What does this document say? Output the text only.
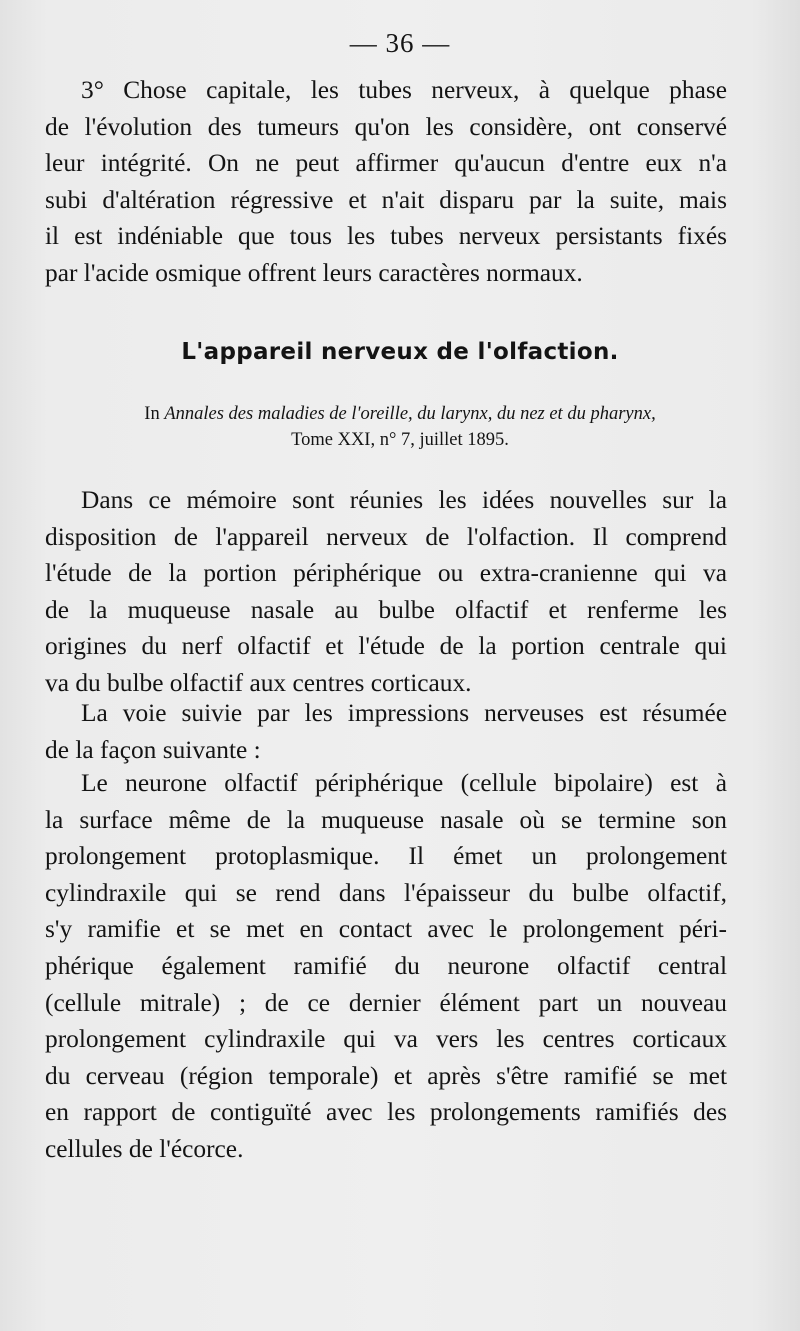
— 36 —
3° Chose capitale, les tubes nerveux, à quelque phase
de l'évolution des tumeurs qu'on les considère, ont conservé
leur intégrité. On ne peut affirmer qu'aucun d'entre eux n'a
subi d'altération régressive et n'ait disparu par la suite, mais
il est indéniable que tous les tubes nerveux persistants fixés
par l'acide osmique offrent leurs caractères normaux.
L'appareil nerveux de l'olfaction.
In Annales des maladies de l'oreille, du larynx, du nez et du pharynx,
Tome XXI, n° 7, juillet 1895.
Dans ce mémoire sont réunies les idées nouvelles sur la
disposition de l'appareil nerveux de l'olfaction. Il comprend
l'étude de la portion périphérique ou extra-cranienne qui va
de la muqueuse nasale au bulbe olfactif et renferme les
origines du nerf olfactif et l'étude de la portion centrale qui
va du bulbe olfactif aux centres corticaux.
La voie suivie par les impressions nerveuses est résumée
de la façon suivante :
Le neurone olfactif périphérique (cellule bipolaire) est à
la surface même de la muqueuse nasale où se termine son
prolongement protoplasmique. Il émet un prolongement
cylindraxile qui se rend dans l'épaisseur du bulbe olfactif,
s'y ramifie et se met en contact avec le prolongement péri-
phérique également ramifié du neurone olfactif central
(cellule mitrale) ; de ce dernier élément part un nouveau
prolongement cylindraxile qui va vers les centres corticaux
du cerveau (région temporale) et après s'être ramifié se met
en rapport de contiguïté avec les prolongements ramifiés des
cellules de l'écorce.
